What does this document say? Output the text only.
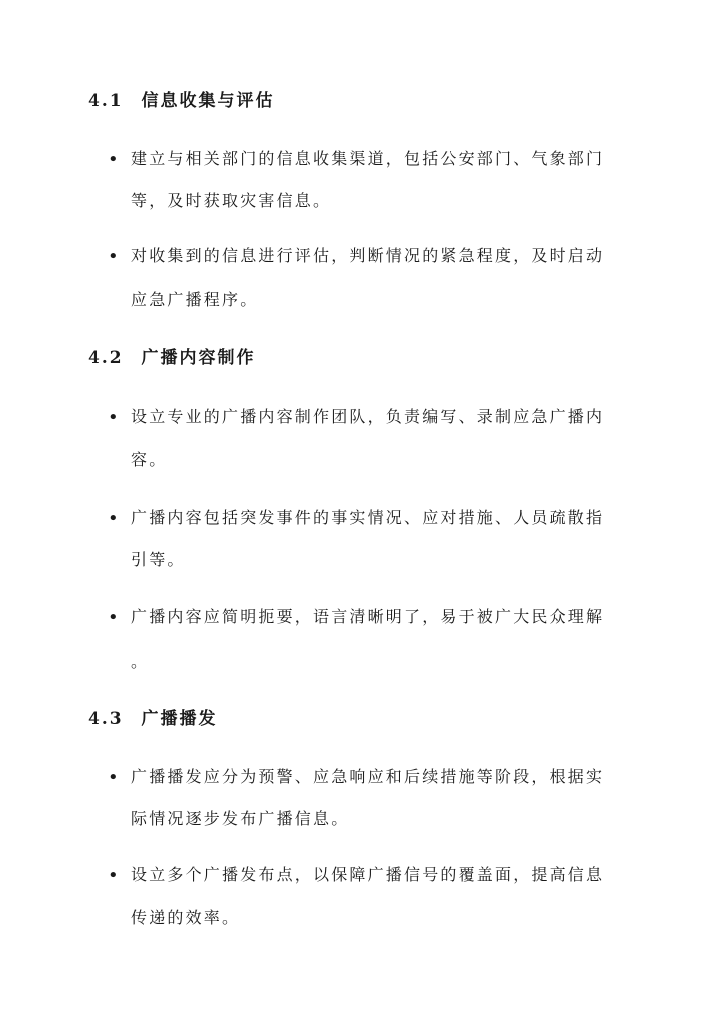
4.1 信息收集与评估
• 建立与相关部门的信息收集渠道，包括公安部门、气象部门
等，及时获取灾害信息。
• 对收集到的信息进行评估，判断情况的紧急程度，及时启动
应急广播程序。
4.2 广播内容制作
• 设立专业的广播内容制作团队，负责编写、录制应急广播内
容。
• 广播内容包括突发事件的事实情况、应对措施、人员疏散指
引等。
• 广播内容应简明扼要，语言清晰明了，易于被广大民众理解
。
4.3 广播播发
• 广播播发应分为预警、应急响应和后续措施等阶段，根据实
际情况逐步发布广播信息。
• 设立多个广播发布点，以保障广播信号的覆盖面，提高信息
传递的效率。
